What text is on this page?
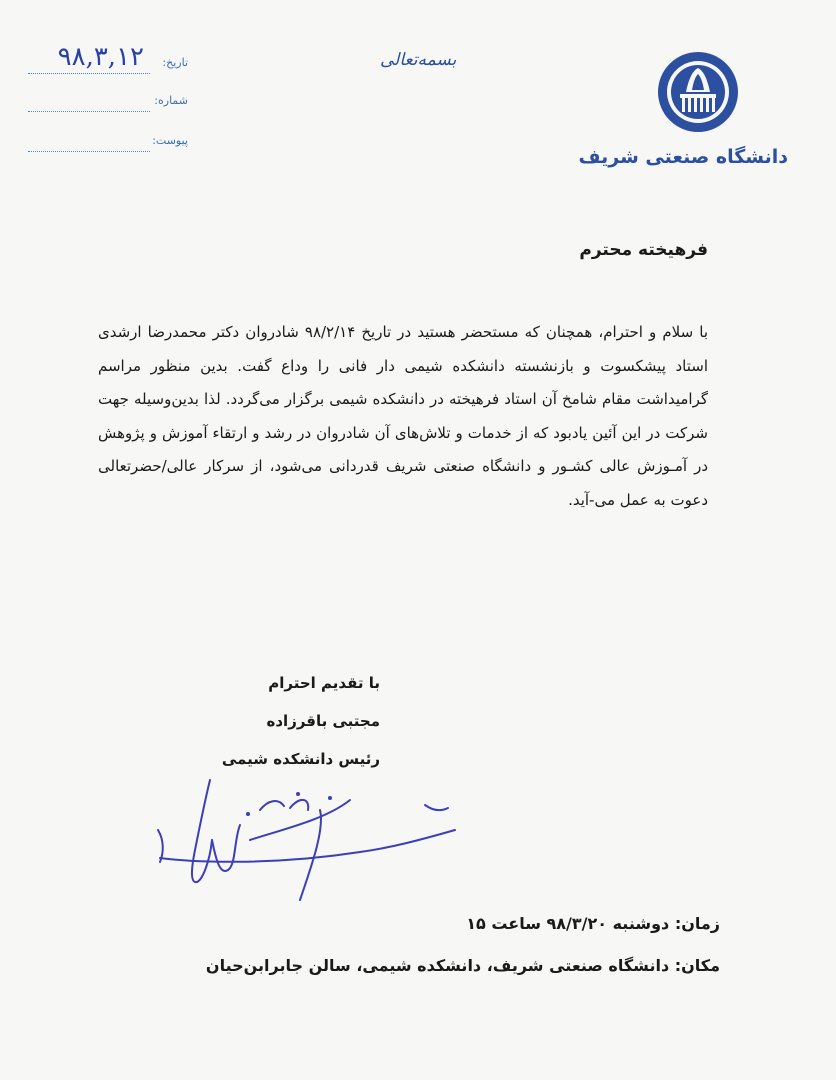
تاریخ:
۹۸,۳,۱۲
شماره:
پیوست:
بسمه‌تعالی
دانشگاه صنعتی شریف
فرهیخته محترم
با سلام و احترام، همچنان که مستحضر هستید در تاریخ ۹۸/۲/۱۴ شادروان دکتر محمدرضا ارشدی استاد پیشکسوت و بازنشسته دانشکده شیمی دار فانی را وداع گفت. بدین منظور مراسم گرامیداشت مقام شامخ آن استاد فرهیخته در دانشکده شیمی برگزار می‌گردد. لذا بدین‌وسیله جهت شرکت در این آئین یادبود که از خدمات و تلاش‌های آن شادروان در رشد و ارتقاء آموزش و پژوهش در آمـوزش عالی کشـور و دانشگاه صنعتی شریف قدردانی می‌شود، از سرکار عالی/حضرتعالی دعوت به عمل می-آید.
با تقدیم احترام
مجتبی باقرزاده
رئیس دانشکده شیمی
زمان: دوشنبه ۹۸/۳/۲۰ ساعت ۱۵
مکان: دانشگاه صنعتی شریف، دانشکده شیمی، سالن جابرابن‌حیان
